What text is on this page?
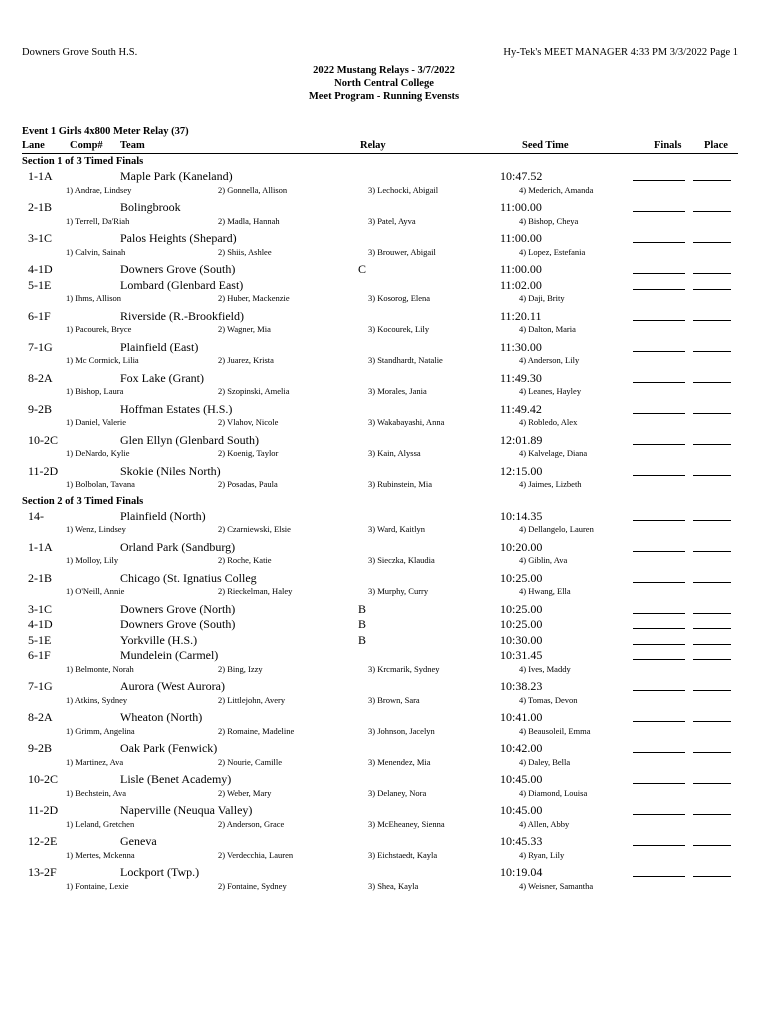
Downers Grove South H.S.	Hy-Tek's MEET MANAGER 4:33 PM 3/3/2022 Page 1
2022 Mustang Relays - 3/7/2022
North Central College
Meet Program - Running Evensts
Event 1 Girls 4x800 Meter Relay (37)
Lane Comp# Team	Relay	Seed Time	Finals Place
Section 1 of 3 Timed Finals
1-1A	Maple Park (Kaneland)	10:47.52
1) Andrae, Lindsey	2) Gonnella, Allison	3) Lechocki, Abigail	4) Mederich, Amanda
2-1B	Bolingbrook	11:00.00
1) Terrell, Da'Riah	2) Madla, Hannah	3) Patel, Ayva	4) Bishop, Cheya
3-1C	Palos Heights (Shepard)	11:00.00
1) Calvin, Sainah	2) Shiis, Ashlee	3) Brouwer, Abigail	4) Lopez, Estefania
4-1D	Downers Grove (South)	C	11:00.00
5-1E	Lombard (Glenbard East)	11:02.00
1) Ihms, Allison	2) Huber, Mackenzie	3) Kosorog, Elena	4) Daji, Brity
6-1F	Riverside (R.-Brookfield)	11:20.11
1) Pacourek, Bryce	2) Wagner, Mia	3) Kocourek, Lily	4) Dalton, Maria
7-1G	Plainfield (East)	11:30.00
1) Mc Cormick, Lilia	2) Juarez, Krista	3) Standhardt, Natalie	4) Anderson, Lily
8-2A	Fox Lake (Grant)	11:49.30
1) Bishop, Laura	2) Szopinski, Amelia	3) Morales, Jania	4) Leanes, Hayley
9-2B	Hoffman Estates (H.S.)	11:49.42
1) Daniel, Valerie	2) Vlahov, Nicole	3) Wakabayashi, Anna	4) Robledo, Alex
10-2C	Glen Ellyn (Glenbard South)	12:01.89
1) DeNardo, Kylie	2) Koenig, Taylor	3) Kain, Alyssa	4) Kalvelage, Diana
11-2D	Skokie (Niles North)	12:15.00
1) Bolbolan, Tavana	2) Posadas, Paula	3) Rubinstein, Mia	4) Jaimes, Lizbeth
Section 2 of 3 Timed Finals
14-	Plainfield (North)	10:14.35
1) Wenz, Lindsey	2) Czarniewski, Elsie	3) Ward, Kaitlyn	4) Dellangelo, Lauren
1-1A	Orland Park (Sandburg)	10:20.00
1) Molloy, Lily	2) Roche, Katie	3) Sieczka, Klaudia	4) Giblin, Ava
2-1B	Chicago (St. Ignatius Colleg	10:25.00
1) O'Neill, Annie	2) Rieckelman, Haley	3) Murphy, Curry	4) Hwang, Ella
3-1C	Downers Grove (North)	B	10:25.00
4-1D	Downers Grove (South)	B	10:25.00
5-1E	Yorkville (H.S.)	B	10:30.00
6-1F	Mundelein (Carmel)	10:31.45
1) Belmonte, Norah	2) Bing, Izzy	3) Krcmarik, Sydney	4) Ives, Maddy
7-1G	Aurora (West Aurora)	10:38.23
1) Atkins, Sydney	2) Littlejohn, Avery	3) Brown, Sara	4) Tomas, Devon
8-2A	Wheaton (North)	10:41.00
1) Grimm, Angelina	2) Romaine, Madeline	3) Johnson, Jacelyn	4) Beausoleil, Emma
9-2B	Oak Park (Fenwick)	10:42.00
1) Martinez, Ava	2) Nourie, Camille	3) Menendez, Mia	4) Daley, Bella
10-2C	Lisle (Benet Academy)	10:45.00
1) Bechstein, Ava	2) Weber, Mary	3) Delaney, Nora	4) Diamond, Louisa
11-2D	Naperville (Neuqua Valley)	10:45.00
1) Leland, Gretchen	2) Anderson, Grace	3) McEheaney, Sienna	4) Allen, Abby
12-2E	Geneva	10:45.33
1) Mertes, Mckenna	2) Verdecchia, Lauren	3) Eichstaedt, Kayla	4) Ryan, Lily
13-2F	Lockport (Twp.)	10:19.04
1) Fontaine, Lexie	2) Fontaine, Sydney	3) Shea, Kayla	4) Weisner, Samantha
